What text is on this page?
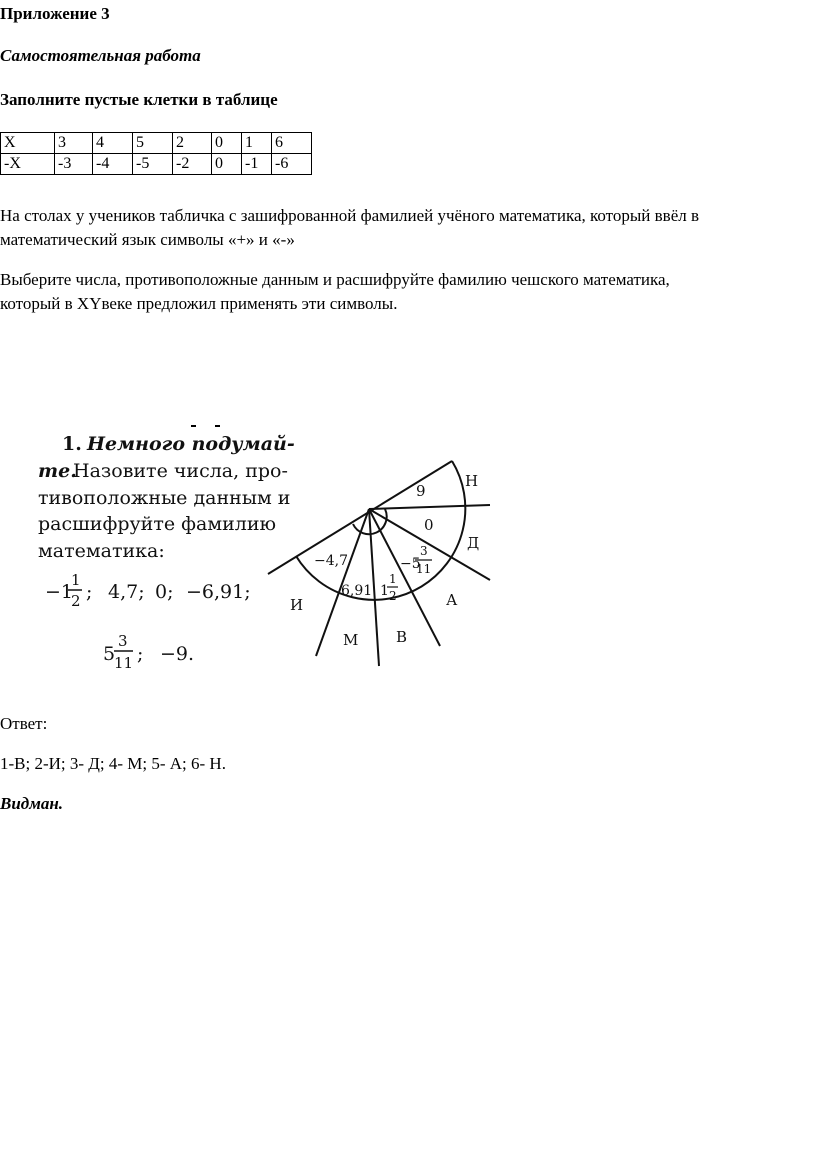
Приложение 3

Самостоятельная работа

Заполните пустые клетки в таблице

X	3	4	5	2	0	1	6
-X	-3	-4	-5	-2	0	-1	-6

На столах у учеников табличка с зашифрованной фамилией учёного математика, который ввёл в

математический язык символы «+» и «-»

Выберите числа, противоположные данным и расшифруйте фамилию чешского математика,

который в XYвеке предложил применять эти символы.

1. Немного подумай-
те.
Назовите числа, про-
тивоположные данным и
расшифруйте фамилию
математика:
−1
1
2 ; 4,7; 0; −6,91;
5
3
11 ; −9.
9
0
−4,7
6,91 1
1
2
−5
3
11
Н
Д
А
В
М
И

Ответ:

1-В; 2-И; 3- Д; 4- М; 5- А; 6- Н.

Видман.
